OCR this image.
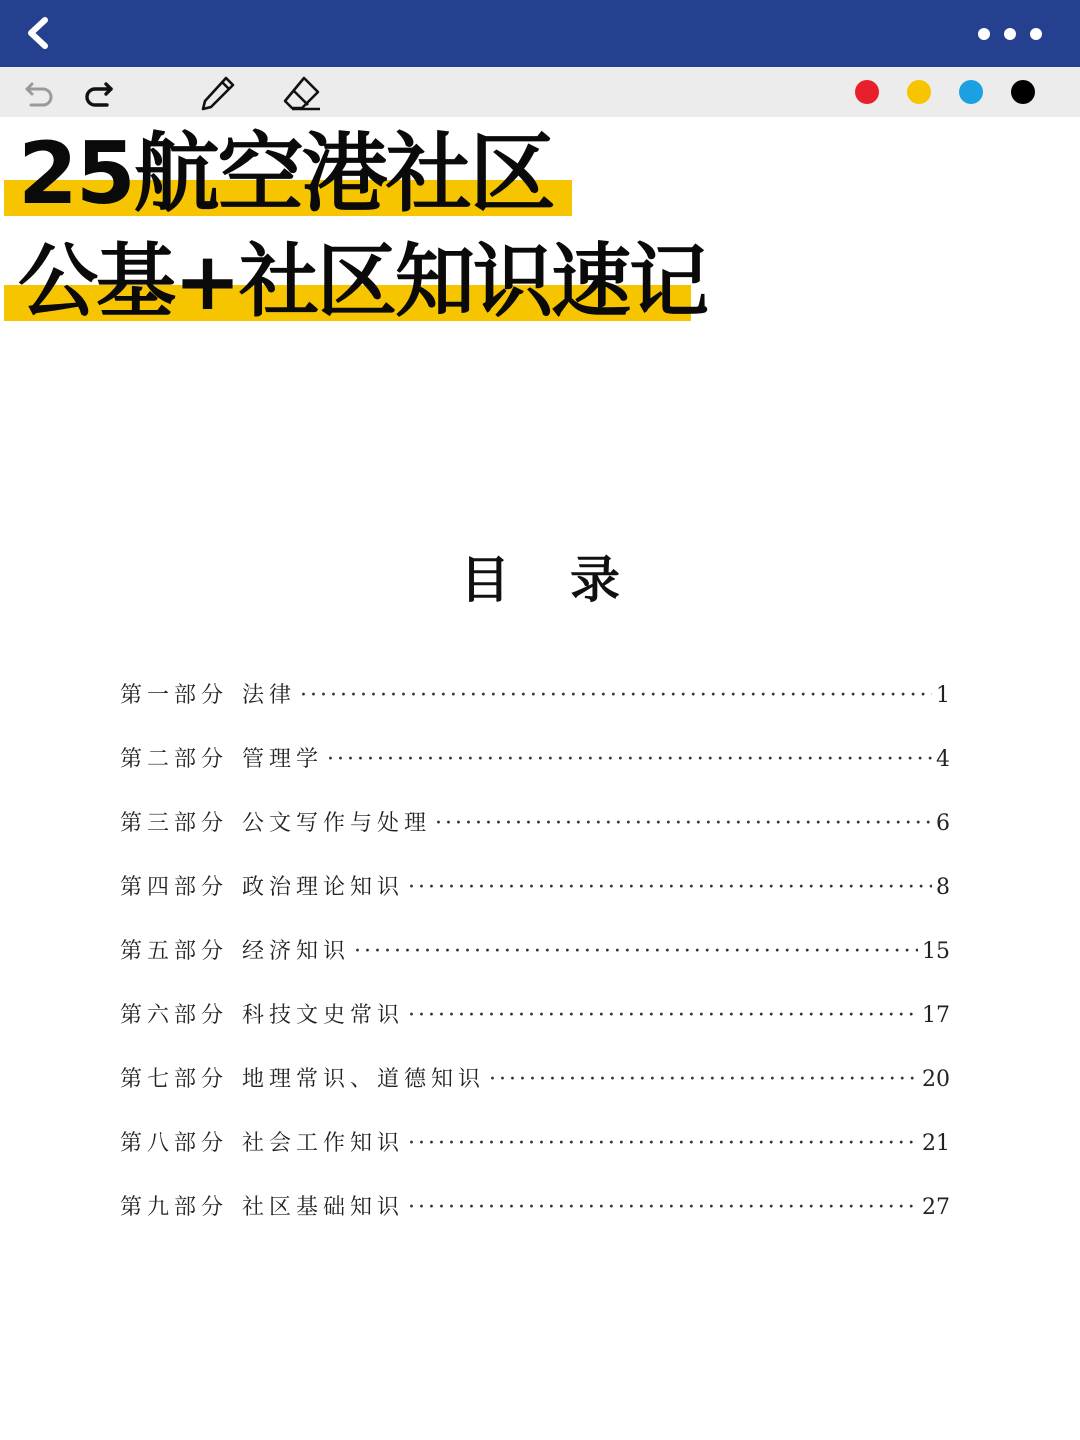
25航空港社区
公基+社区知识速记
目录
第一部分 法律 ·····	1
第二部分 管理学 ·····	4
第三部分 公文写作与处理 ·····	6
第四部分 政治理论知识 ·····	8
第五部分 经济知识 ·····	15
第六部分 科技文史常识 ·····	17
第七部分 地理常识、道德知识 ·····	20
第八部分 社会工作知识 ·····	21
第九部分 社区基础知识 ·····	27
